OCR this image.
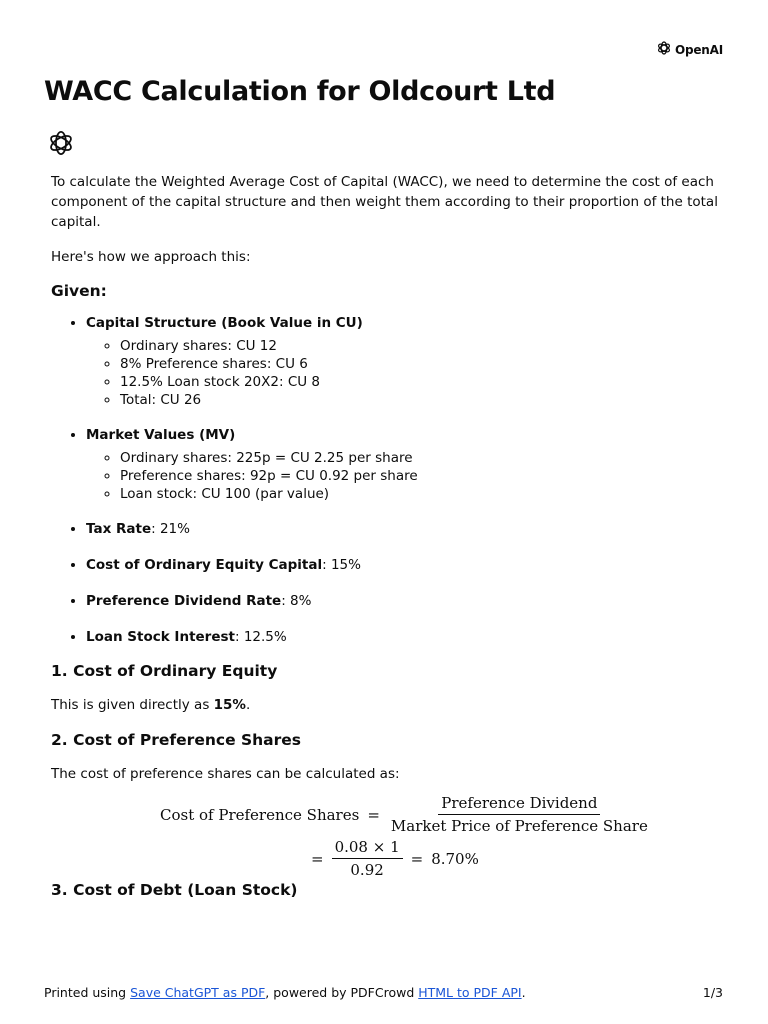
OpenAI
WACC Calculation for Oldcourt Ltd

To calculate the Weighted Average Cost of Capital (WACC), we need to determine the cost of each component of the capital structure and then weight them according to their proportion of the total capital.

Here's how we approach this:

Given:
• Capital Structure (Book Value in CU)
◦ Ordinary shares: CU 12
◦ 8% Preference shares: CU 6
◦ 12.5% Loan stock 20X2: CU 8
◦ Total: CU 26
• Market Values (MV)
◦ Ordinary shares: 225p = CU 2.25 per share
◦ Preference shares: 92p = CU 0.92 per share
◦ Loan stock: CU 100 (par value)
• Tax Rate: 21%
• Cost of Ordinary Equity Capital: 15%
• Preference Dividend Rate: 8%
• Loan Stock Interest: 12.5%
1. Cost of Ordinary Equity

This is given directly as 15%.

2. Cost of Preference Shares

The cost of preference shares can be calculated as:

Cost of Preference Shares = $\frac{\text{Preference Dividend}}{\text{Market Price of Preference Share}}$
= $\frac{0.08 \times 1}{0.92} = 8.70\%$
3. Cost of Debt (Loan Stock)
Printed using Save ChatGPT as PDF, powered by PDFCrowd HTML to PDF API.	1/3
